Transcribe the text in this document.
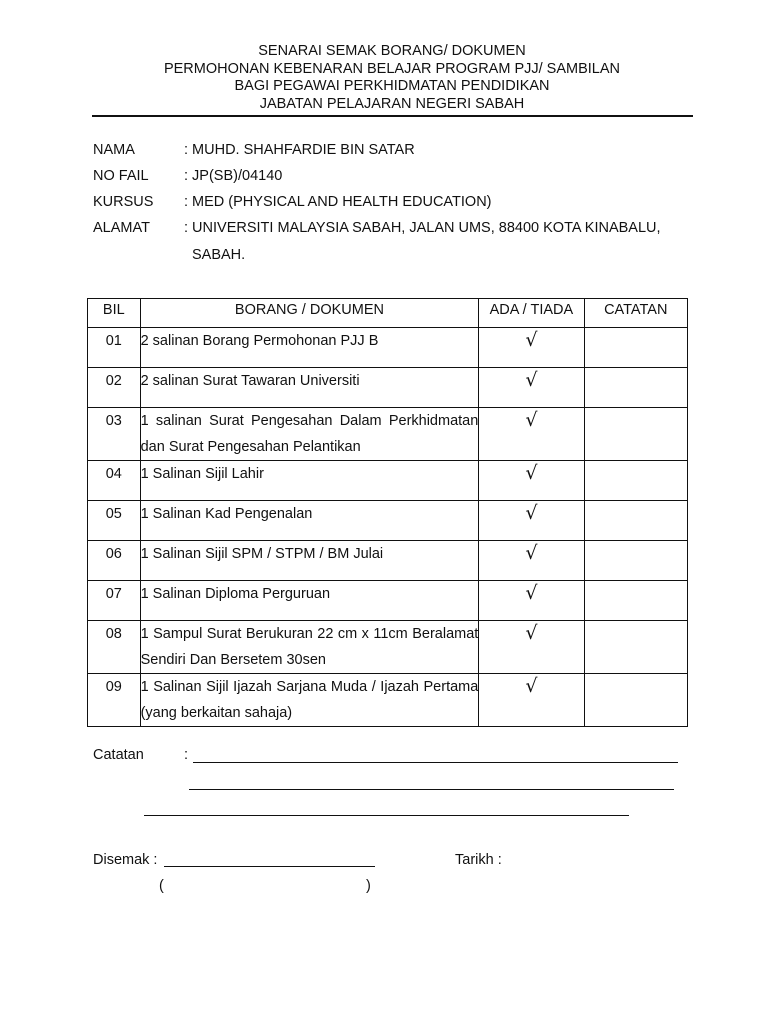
SENARAI SEMAK BORANG/ DOKUMEN
PERMOHONAN KEBENARAN BELAJAR PROGRAM PJJ/ SAMBILAN
BAGI PEGAWAI PERKHIDMATAN PENDIDIKAN
JABATAN PELAJARAN NEGERI SABAH
NAMA	: MUHD. SHAHFARDIE BIN SATAR
NO FAIL : JP(SB)/04140
KURSUS : MED (PHYSICAL AND HEALTH EDUCATION)
ALAMAT : UNIVERSITI MALAYSIA SABAH, JALAN UMS, 88400 KOTA KINABALU,
SABAH.
BIL	BORANG / DOKUMEN	ADA / TIADA	CATATAN
01	2 salinan Borang Permohonan PJJ B	√	
02	2 salinan Surat Tawaran Universiti	√	
03	1 salinan Surat Pengesahan Dalam Perkhidmatan dan Surat Pengesahan Pelantikan	√	
04	1 Salinan Sijil Lahir	√	
05	1 Salinan Kad Pengenalan	√	
06	1 Salinan Sijil SPM / STPM / BM Julai	√	
07	1 Salinan Diploma Perguruan	√	
08	1 Sampul Surat Berukuran 22 cm x 11cm Beralamat Sendiri Dan Bersetem 30sen	√	
09	1 Salinan Sijil Ijazah Sarjana Muda / Ijazah Pertama (yang berkaitan sahaja)	√	
Catatan	:
Disemak :	Tarikh :
(	)
